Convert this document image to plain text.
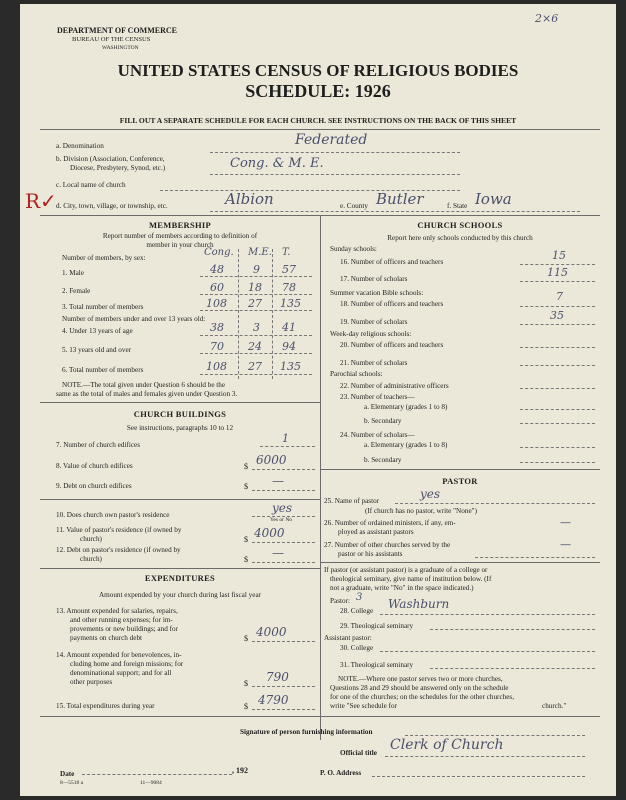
2×6
DEPARTMENT OF COMMERCE
BUREAU OF THE CENSUS
WASHINGTON
UNITED STATES CENSUS OF RELIGIOUS BODIES
SCHEDULE: 1926
FILL OUT A SEPARATE SCHEDULE FOR EACH CHURCH. SEE INSTRUCTIONS ON THE BACK OF THIS SHEET
a. Denomination	Federated
b. Division (Association, Conference,
Diocese, Presbytery, Synod, etc.)	Cong. & M. E.
c. Local name of church
R✓ d. City, town, village, or township, etc.	Albion	e. County Butler	f. State Iowa
MEMBERSHIP
Report number of members according to definition of
member in your church
Number of members, by sex:	Cong. M.E. T.
1. Male	48	9 57
2. Female	60 18 78
3. Total number of members	108 27 135
Number of members under and over 13 years old:
4. Under 13 years of age	38	3 41
5. 13 years old and over	70 24 94
6. Total number of members	108 27 135
NOTE.—The total given under Question 6 should be the
same as the total of males and females given under Question 3.
CHURCH BUILDINGS
See instructions, paragraphs 10 to 12
7. Number of church edifices	1
8. Value of church edifices	$ 6000
9. Debt on church edifices	$ —
10. Does church own pastor's residence	yes
Yes or No
11. Value of pastor's residence (if owned by
church)	$ 4000
12. Debt on pastor's residence (if owned by
church)	$ —
EXPENDITURES
Amount expended by your church during last fiscal year
13. Amount expended for salaries, repairs,
and other running expenses; for im-
provements or new buildings; and for
payments on church debt	$ 4000
14. Amount expended for benevolences, in-
cluding home and foreign missions; for
denominational support; and for all
other purposes	$ 790
15. Total expenditures during year	$ 4790
CHURCH SCHOOLS
Report here only schools conducted by this church
Sunday schools:
16. Number of officers and teachers	15
17. Number of scholars	115
Summer vacation Bible schools:
18. Number of officers and teachers
7
19. Number of scholars	35
Week-day religious schools:
20. Number of officers and teachers
21. Number of scholars
Parochial schools:
22. Number of administrative officers
23. Number of teachers—
a. Elementary (grades 1 to 8)
b. Secondary
24. Number of scholars—
a. Elementary (grades 1 to 8)
b. Secondary
PASTOR
25. Name of pastor	yes
(If church has no pastor, write "None")
26. Number of ordained ministers, if any, em-
ployed as assistant pastors
—
27. Number of other churches served by the
pastor or his assistants
—
If pastor (or assistant pastor) is a graduate of a college or
theological seminary, give name of institution below. (If
not a graduate, write "No" in the space indicated.)
Pastor: 3
28. College Washburn
29. Theological seminary
Assistant pastor:
30. College
31. Theological seminary
NOTE.—Where one pastor serves two or more churches,
Questions 28 and 29 should be answered only on the schedule
for one of the churches; on the schedules for the other churches,
write "See schedule for	church."
Signature of person furnishing information
Official title Clerk of Church
Date	, 192	P. O. Address
8—5518 a	11—9084
